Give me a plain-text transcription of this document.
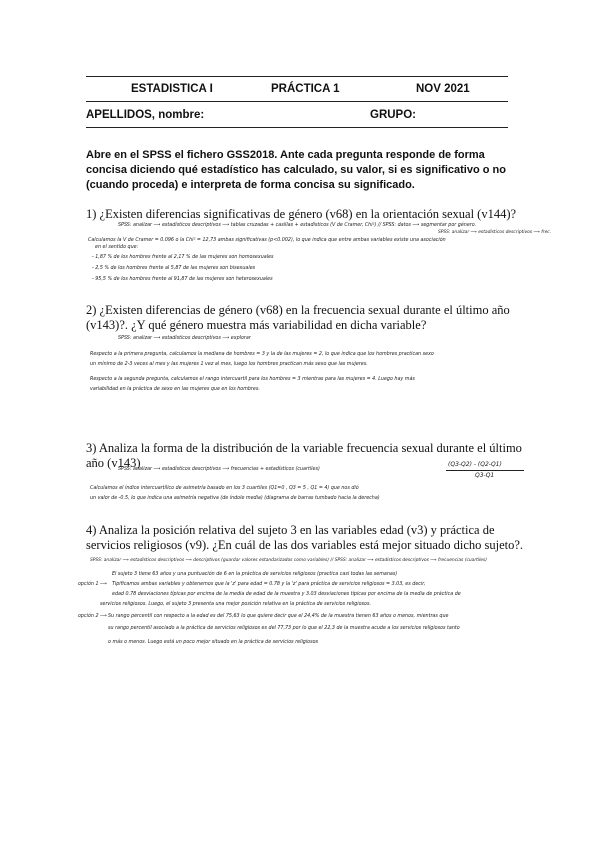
ESTADISTICA I	PRÁCTICA 1	NOV 2021
APELLIDOS, nombre:	GRUPO:
Abre en el SPSS el fichero GSS2018. Ante cada pregunta responde de forma concisa diciendo qué estadístico has calculado, su valor, si es significativo o no (cuando proceda) e interpreta de forma concisa su significado.
1) ¿Existen diferencias significativas de género (v68) en la orientación sexual (v144)?
SPSS: analizar ⟶ estadísticos descriptivos ⟶ tablas cruzadas + casillas + estadísticos (V de Cramer, Chi²) // SPSS: datos ⟶ segmentar por género.
SPSS: analizar ⟶ estadísticos descriptivos ⟶ frec.
Calculamos la V de Cramer = 0.096 o la Chi² = 12,73 ambas significativas (p<0.002), lo que indica que entre ambas variables existe una asociación
en el sentido que:
- 1,87 % de los hombres frente al 2,17 % de las mujeres son homosexuales
- 2,5 % de los hombres frente al 5,87 de las mujeres son bisexuales
- 95,5 % de los hombres frente al 91,87 de las mujeres son heterosexuales
2) ¿Existen diferencias de género (v68) en la frecuencia sexual durante el último año (v143)?. ¿Y qué género muestra más variabilidad en dicha variable?
SPSS: analizar ⟶ estadísticos descriptivos ⟶ explorar
Respecto a la primera pregunta, calculamos la mediana de hombres = 3 y la de las mujeres = 2, lo que indica que los hombres practican sexo
un mínimo de 2-3 veces al mes y las mujeres 1 vez al mes, luego los hombres practican más sexo que las mujeres.
Respecto a la segunda pregunta, calculamos el rango intercuartil para los hombres = 3 mientras para las mujeres = 4. Luego hay más
variabilidad en la práctica de sexo en las mujeres que en los hombres.
3) Analiza la forma de la distribución de la variable frecuencia sexual durante el último año (v143)
SPSS: analizar ⟶ estadísticos descriptivos ⟶ frecuencias + estadísticos (cuartiles)
(Q3-Q2) - (Q2-Q1)
Q3-Q1
Calculamos el índice intercuartílico de asimetría basado en los 3 cuartiles (Q1=0 , Q3 = 5 , Q1 = 4) que nos dió
un valor de -0.5, lo que indica una asimetría negativa (de índole media) (diagrama de barras tumbado hacia la derecha)
4) Analiza la posición relativa del sujeto 3 en las variables edad (v3) y práctica de servicios religiosos (v9). ¿En cuál de las dos variables está mejor situado dicho sujeto?.
SPSS: analizar ⟶ estadísticos descriptivos ⟶ descriptivos (guardar valores estandarizados como variables) // SPSS: analizar ⟶ estadísticos descriptivos ⟶ frecuencias (cuartiles)
El sujeto 3 tiene 63 años y una puntuación de 6 en la práctica de servicios religiosos (practica casi todas las semanas)
opción 1 ⟶ Tipificamos ambas variables y obtenemos que la 'z' para edad = 0.78 y la 'z' para práctica de servicios religiosos = 3.03, es decir,
edad 0.78 desviaciones típicas por encima de la media de edad de la muestra y 3.03 desviaciones típicas por encima de la media de práctica de
servicios religiosos. Luego, el sujeto 3 presenta una mejor posición relativa en la práctica de servicios religiosos.
opción 2 ⟶ Su rango percentil con respecto a la edad es del 75,63 lo que quiere decir que el 24,4% de la muestra tienen 63 años o menos, mientras que
su rango percentil asociado a la práctica de servicios religiosos es del 77,73 por lo que el 22,3 de la muestra acude a los servicios religiosos tanto
o más o menos. Luego está un poco mejor situado en la práctica de servicios religiosos
